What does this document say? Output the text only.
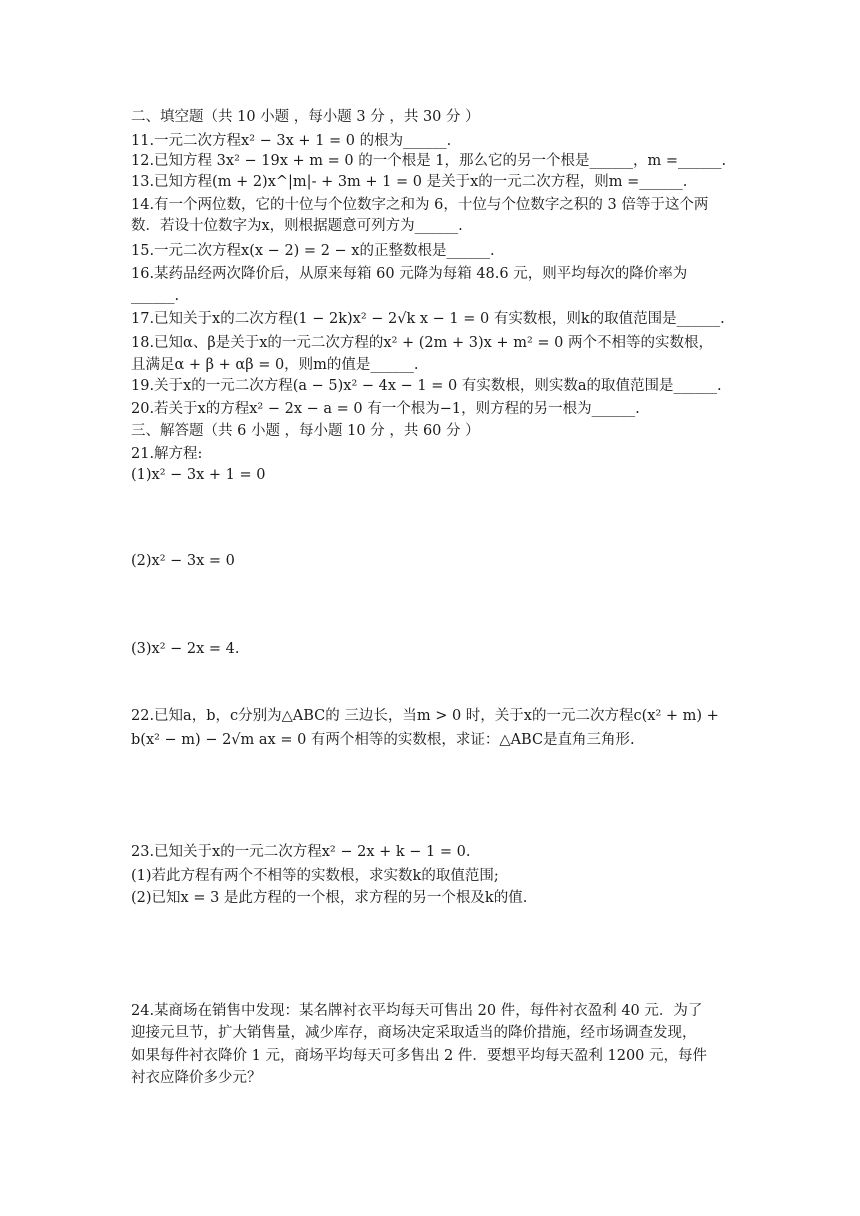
二、填空题（共 10 小题 ，每小题 3 分 ，共 30 分 ）
11.一元二次方程x² − 3x + 1 = 0 的根为______.
12.已知方程 3x² − 19x + m = 0 的一个根是 1，那么它的另一个根是______，m =______.
13.已知方程(m + 2)x^|m|- + 3m + 1 = 0 是关于x的一元二次方程，则m =______.
14.有一个两位数，它的十位与个位数字之和为 6，十位与个位数字之积的 3 倍等于这个两
数．若设十位数字为x，则根据题意可列方为______.
15.一元二次方程x(x − 2) = 2 − x的正整数根是______.
16.某药品经两次降价后，从原来每箱 60 元降为每箱 48.6 元，则平均每次的降价率为
______.
17.已知关于x的二次方程(1 − 2k)x² − 2√k x − 1 = 0 有实数根，则k的取值范围是______.
18.已知α、β是关于x的一元二次方程的x² + (2m + 3)x + m² = 0 两个不相等的实数根，
且满足α + β + αβ = 0，则m的值是______.
19.关于x的一元二次方程(a − 5)x² − 4x − 1 = 0 有实数根，则实数a的取值范围是______.
20.若关于x的方程x² − 2x − a = 0 有一个根为−1，则方程的另一根为______.
三、解答题（共 6 小题 ，每小题 10 分 ，共 60 分 ）
21.解方程:
(1)x² − 3x + 1 = 0
(2)x² − 3x = 0
(3)x² − 2x = 4.
22.已知a，b，c分别为△ABC的 三边长，当m > 0 时，关于x的一元二次方程c(x² + m) +
b(x² − m) − 2√m ax = 0 有两个相等的实数根，求证：△ABC是直角三角形.
23.已知关于x的一元二次方程x² − 2x + k − 1 = 0.
(1)若此方程有两个不相等的实数根，求实数k的取值范围;
(2)已知x = 3 是此方程的一个根，求方程的另一个根及k的值.
24.某商场在销售中发现：某名牌衬衣平均每天可售出 20 件，每件衬衣盈利 40 元．为了
迎接元旦节，扩大销售量，减少库存，商场决定采取适当的降价措施，经市场调查发现，
如果每件衬衣降价 1 元，商场平均每天可多售出 2 件．要想平均每天盈利 1200 元，每件
衬衣应降价多少元？
